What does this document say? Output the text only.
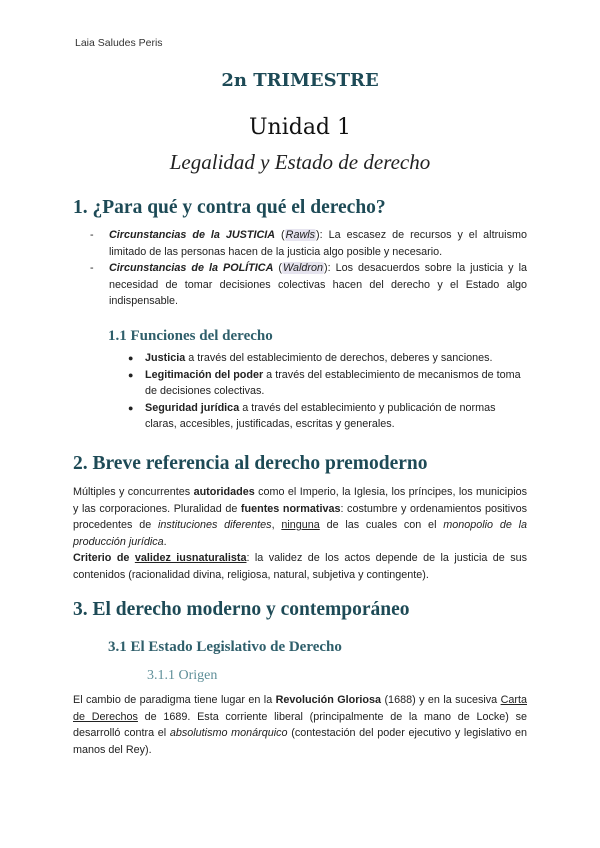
Laia Saludes Peris
2n TRIMESTRE
Unidad 1
Legalidad y Estado de derecho
1. ¿Para qué y contra qué el derecho?
- Circunstancias de la JUSTICIA (Rawls): La escasez de recursos y el altruismo limitado de las personas hacen de la justicia algo posible y necesario.
- Circunstancias de la POLÍTICA (Waldron): Los desacuerdos sobre la justicia y la necesidad de tomar decisiones colectivas hacen del derecho y el Estado algo indispensable.
1.1 Funciones del derecho
● Justicia a través del establecimiento de derechos, deberes y sanciones.
● Legitimación del poder a través del establecimiento de mecanismos de toma de decisiones colectivas.
● Seguridad jurídica a través del establecimiento y publicación de normas claras, accesibles, justificadas, escritas y generales.
2. Breve referencia al derecho premoderno
Múltiples y concurrentes autoridades como el Imperio, la Iglesia, los príncipes, los municipios y las corporaciones. Pluralidad de fuentes normativas: costumbre y ordenamientos positivos procedentes de instituciones diferentes, ninguna de las cuales con el monopolio de la producción jurídica.
Criterio de validez iusnaturalista: la validez de los actos depende de la justicia de sus contenidos (racionalidad divina, religiosa, natural, subjetiva y contingente).
3. El derecho moderno y contemporáneo
3.1 El Estado Legislativo de Derecho
3.1.1 Origen
El cambio de paradigma tiene lugar en la Revolución Gloriosa (1688) y en la sucesiva Carta de Derechos de 1689. Esta corriente liberal (principalmente de la mano de Locke) se desarrolló contra el absolutismo monárquico (contestación del poder ejecutivo y legislativo en manos del Rey).
